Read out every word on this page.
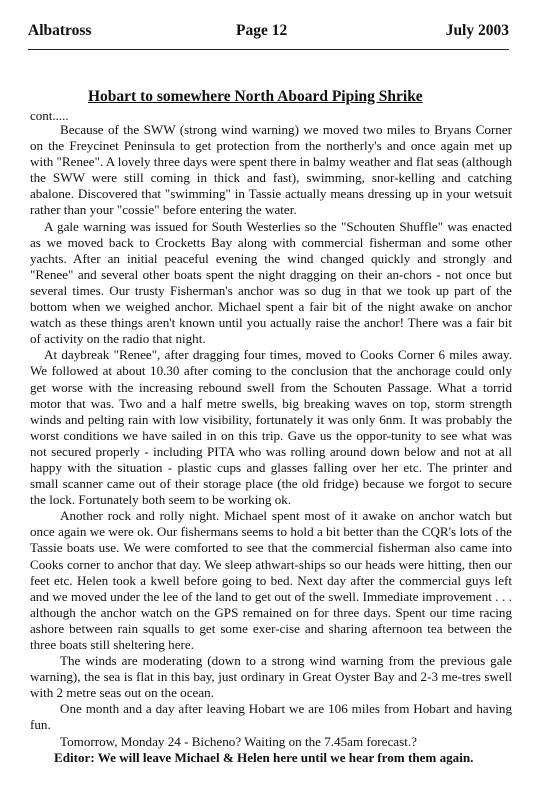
Albatross	Page 12	July 2003
Hobart to somewhere North Aboard Piping Shrike
cont.....

Because of the SWW (strong wind warning) we moved two miles to Bryans Corner on the Freycinet Peninsula to get protection from the northerly's and once again met up with "Renee". A lovely three days were spent there in balmy weather and flat seas (although the SWW were still coming in thick and fast), swimming, snor-kelling and catching abalone. Discovered that "swimming" in Tassie actually means dressing up in your wetsuit rather than your "cossie" before entering the water.

A gale warning was issued for South Westerlies so the "Schouten Shuffle" was enacted as we moved back to Crocketts Bay along with commercial fisherman and some other yachts. After an initial peaceful evening the wind changed quickly and strongly and "Renee" and several other boats spent the night dragging on their an-chors - not once but several times. Our trusty Fisherman's anchor was so dug in that we took up part of the bottom when we weighed anchor. Michael spent a fair bit of the night awake on anchor watch as these things aren't known until you actually raise the anchor! There was a fair bit of activity on the radio that night.

At daybreak "Renee", after dragging four times, moved to Cooks Corner 6 miles away. We followed at about 10.30 after coming to the conclusion that the anchorage could only get worse with the increasing rebound swell from the Schouten Passage. What a torrid motor that was. Two and a half metre swells, big breaking waves on top, storm strength winds and pelting rain with low visibility, fortunately it was only 6nm. It was probably the worst conditions we have sailed in on this trip. Gave us the oppor-tunity to see what was not secured properly - including PITA who was rolling around down below and not at all happy with the situation - plastic cups and glasses falling over her etc. The printer and small scanner came out of their storage place (the old fridge) because we forgot to secure the lock. Fortunately both seem to be working ok.

Another rock and rolly night. Michael spent most of it awake on anchor watch but once again we were ok. Our fishermans seems to hold a bit better than the CQR's lots of the Tassie boats use. We were comforted to see that the commercial fisherman also came into Cooks corner to anchor that day. We sleep athwart-ships so our heads were hitting, then our feet etc. Helen took a kwell before going to bed. Next day after the commercial guys left and we moved under the lee of the land to get out of the swell. Immediate improvement . . . although the anchor watch on the GPS remained on for three days. Spent our time racing ashore between rain squalls to get some exer-cise and sharing afternoon tea between the three boats still sheltering here.

The winds are moderating (down to a strong wind warning from the previous gale warning), the sea is flat in this bay, just ordinary in Great Oyster Bay and 2-3 me-tres swell with 2 metre seas out on the ocean.

One month and a day after leaving Hobart we are 106 miles from Hobart and having fun.

Tomorrow, Monday 24 - Bicheno? Waiting on the 7.45am forecast.?

Editor: We will leave Michael & Helen here until we hear from them again.
